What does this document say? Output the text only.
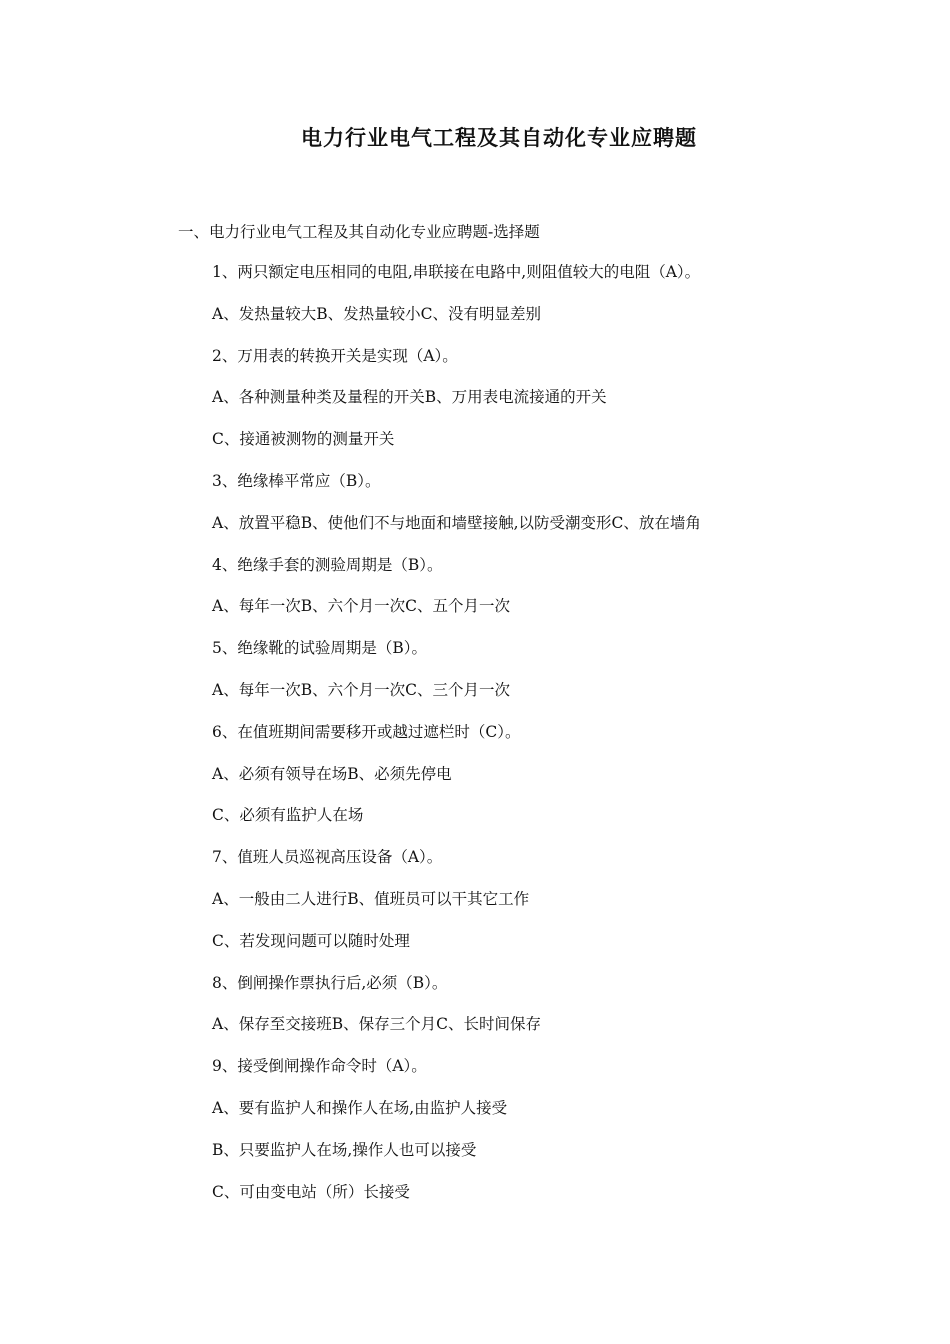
电力行业电气工程及其自动化专业应聘题

一、电力行业电气工程及其自动化专业应聘题-选择题

1、两只额定电压相同的电阻,串联接在电路中,则阻值较大的电阻（A）。
A、发热量较大B、发热量较小C、没有明显差别
2、万用表的转换开关是实现（A）。
A、各种测量种类及量程的开关B、万用表电流接通的开关
C、接通被测物的测量开关
3、绝缘棒平常应（B）。
A、放置平稳B、使他们不与地面和墙壁接触,以防受潮变形C、放在墙角
4、绝缘手套的测验周期是（B）。
A、每年一次B、六个月一次C、五个月一次
5、绝缘靴的试验周期是（B）。
A、每年一次B、六个月一次C、三个月一次
6、在值班期间需要移开或越过遮栏时（C）。
A、必须有领导在场B、必须先停电
C、必须有监护人在场
7、值班人员巡视高压设备（A）。
A、一般由二人进行B、值班员可以干其它工作
C、若发现问题可以随时处理
8、倒闸操作票执行后,必须（B）。
A、保存至交接班B、保存三个月C、长时间保存
9、接受倒闸操作命令时（A）。
A、要有监护人和操作人在场,由监护人接受
B、只要监护人在场,操作人也可以接受
C、可由变电站（所）长接受
